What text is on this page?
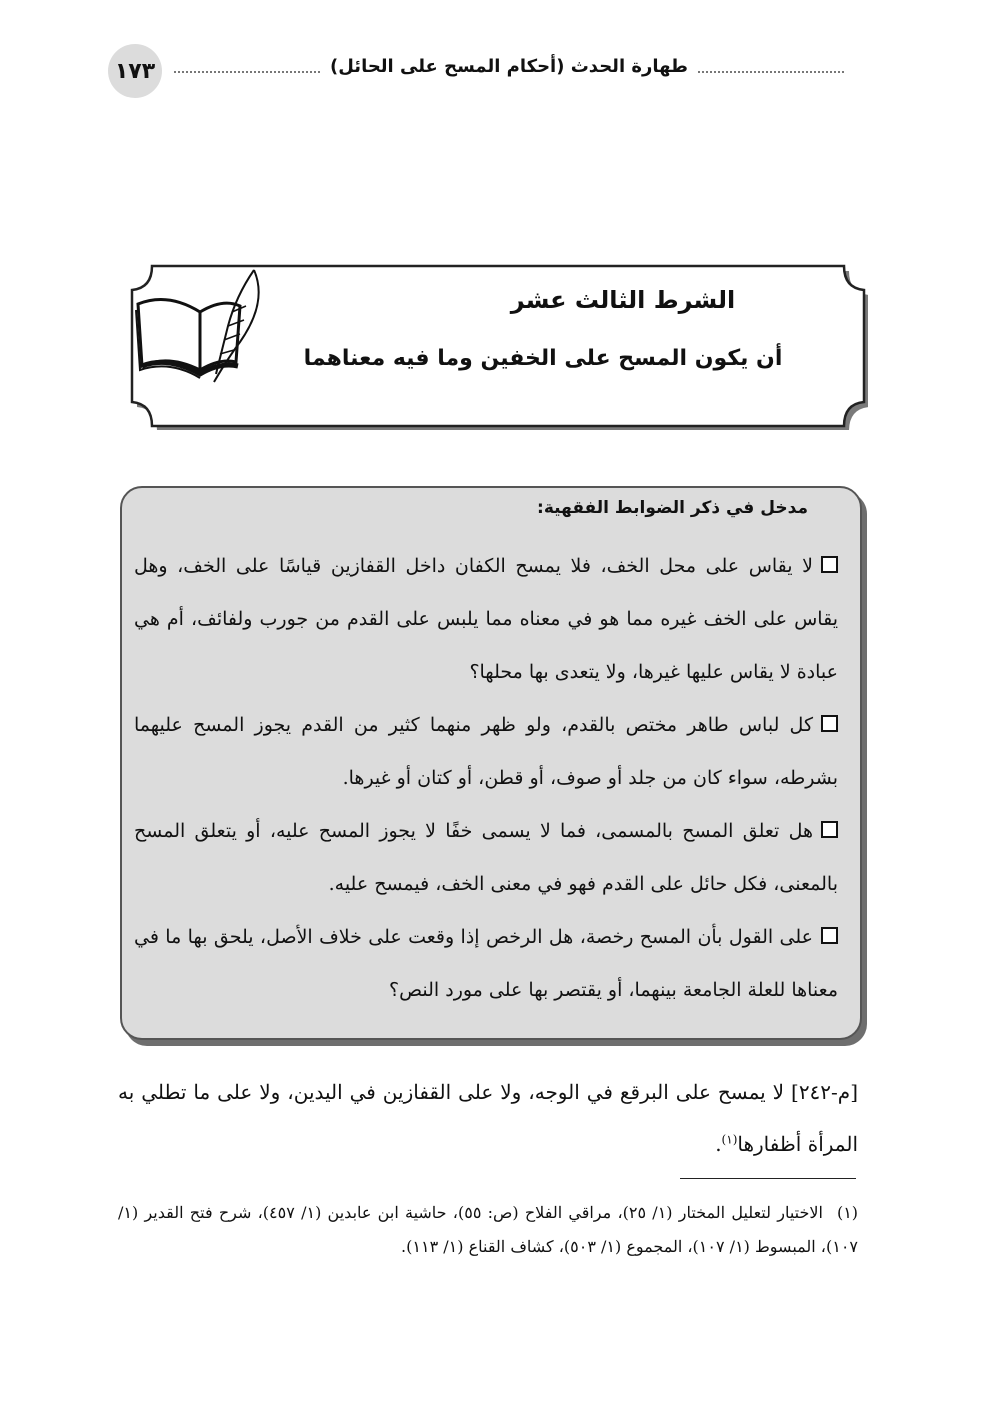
١٧٣	طهارة الحدث (أحكام المسح على الحائل)
الشرط الثالث عشر
أن يكون المسح على الخفين وما فيه معناهما
مدخل في ذكر الضوابط الفقهية:
لا يقاس على محل الخف، فلا يمسح الكفان داخل القفازين قياسًا على الخف، وهل يقاس على الخف غيره مما هو في معناه مما يلبس على القدم من جورب ولفائف، أم هي عبادة لا يقاس عليها غيرها، ولا يتعدى بها محلها؟
كل لباس طاهر مختص بالقدم، ولو ظهر منهما كثير من القدم يجوز المسح عليهما بشرطه، سواء كان من جلد أو صوف، أو قطن، أو كتان أو غيرها.
هل تعلق المسح بالمسمى، فما لا يسمى خفًا لا يجوز المسح عليه، أو يتعلق المسح بالمعنى، فكل حائل على القدم فهو في معنى الخف، فيمسح عليه.
على القول بأن المسح رخصة، هل الرخص إذا وقعت على خلاف الأصل، يلحق بها ما في معناها للعلة الجامعة بينهما، أو يقتصر بها على مورد النص؟

[م-٢٤٢] لا يمسح على البرقع في الوجه، ولا على القفازين في اليدين، ولا على ما تطلي به المرأة أظفارها$^{(١)}$.

(١)الاختيار لتعليل المختار (١/ ٢٥)، مراقي الفلاح (ص: ٥٥)، حاشية ابن عابدين (١/ ٤٥٧)، شرح فتح القدير (١/ ١٠٧)، المبسوط (١/ ١٠٧)، المجموع (١/ ٥٠٣)، كشاف القناع (١/ ١١٣).
